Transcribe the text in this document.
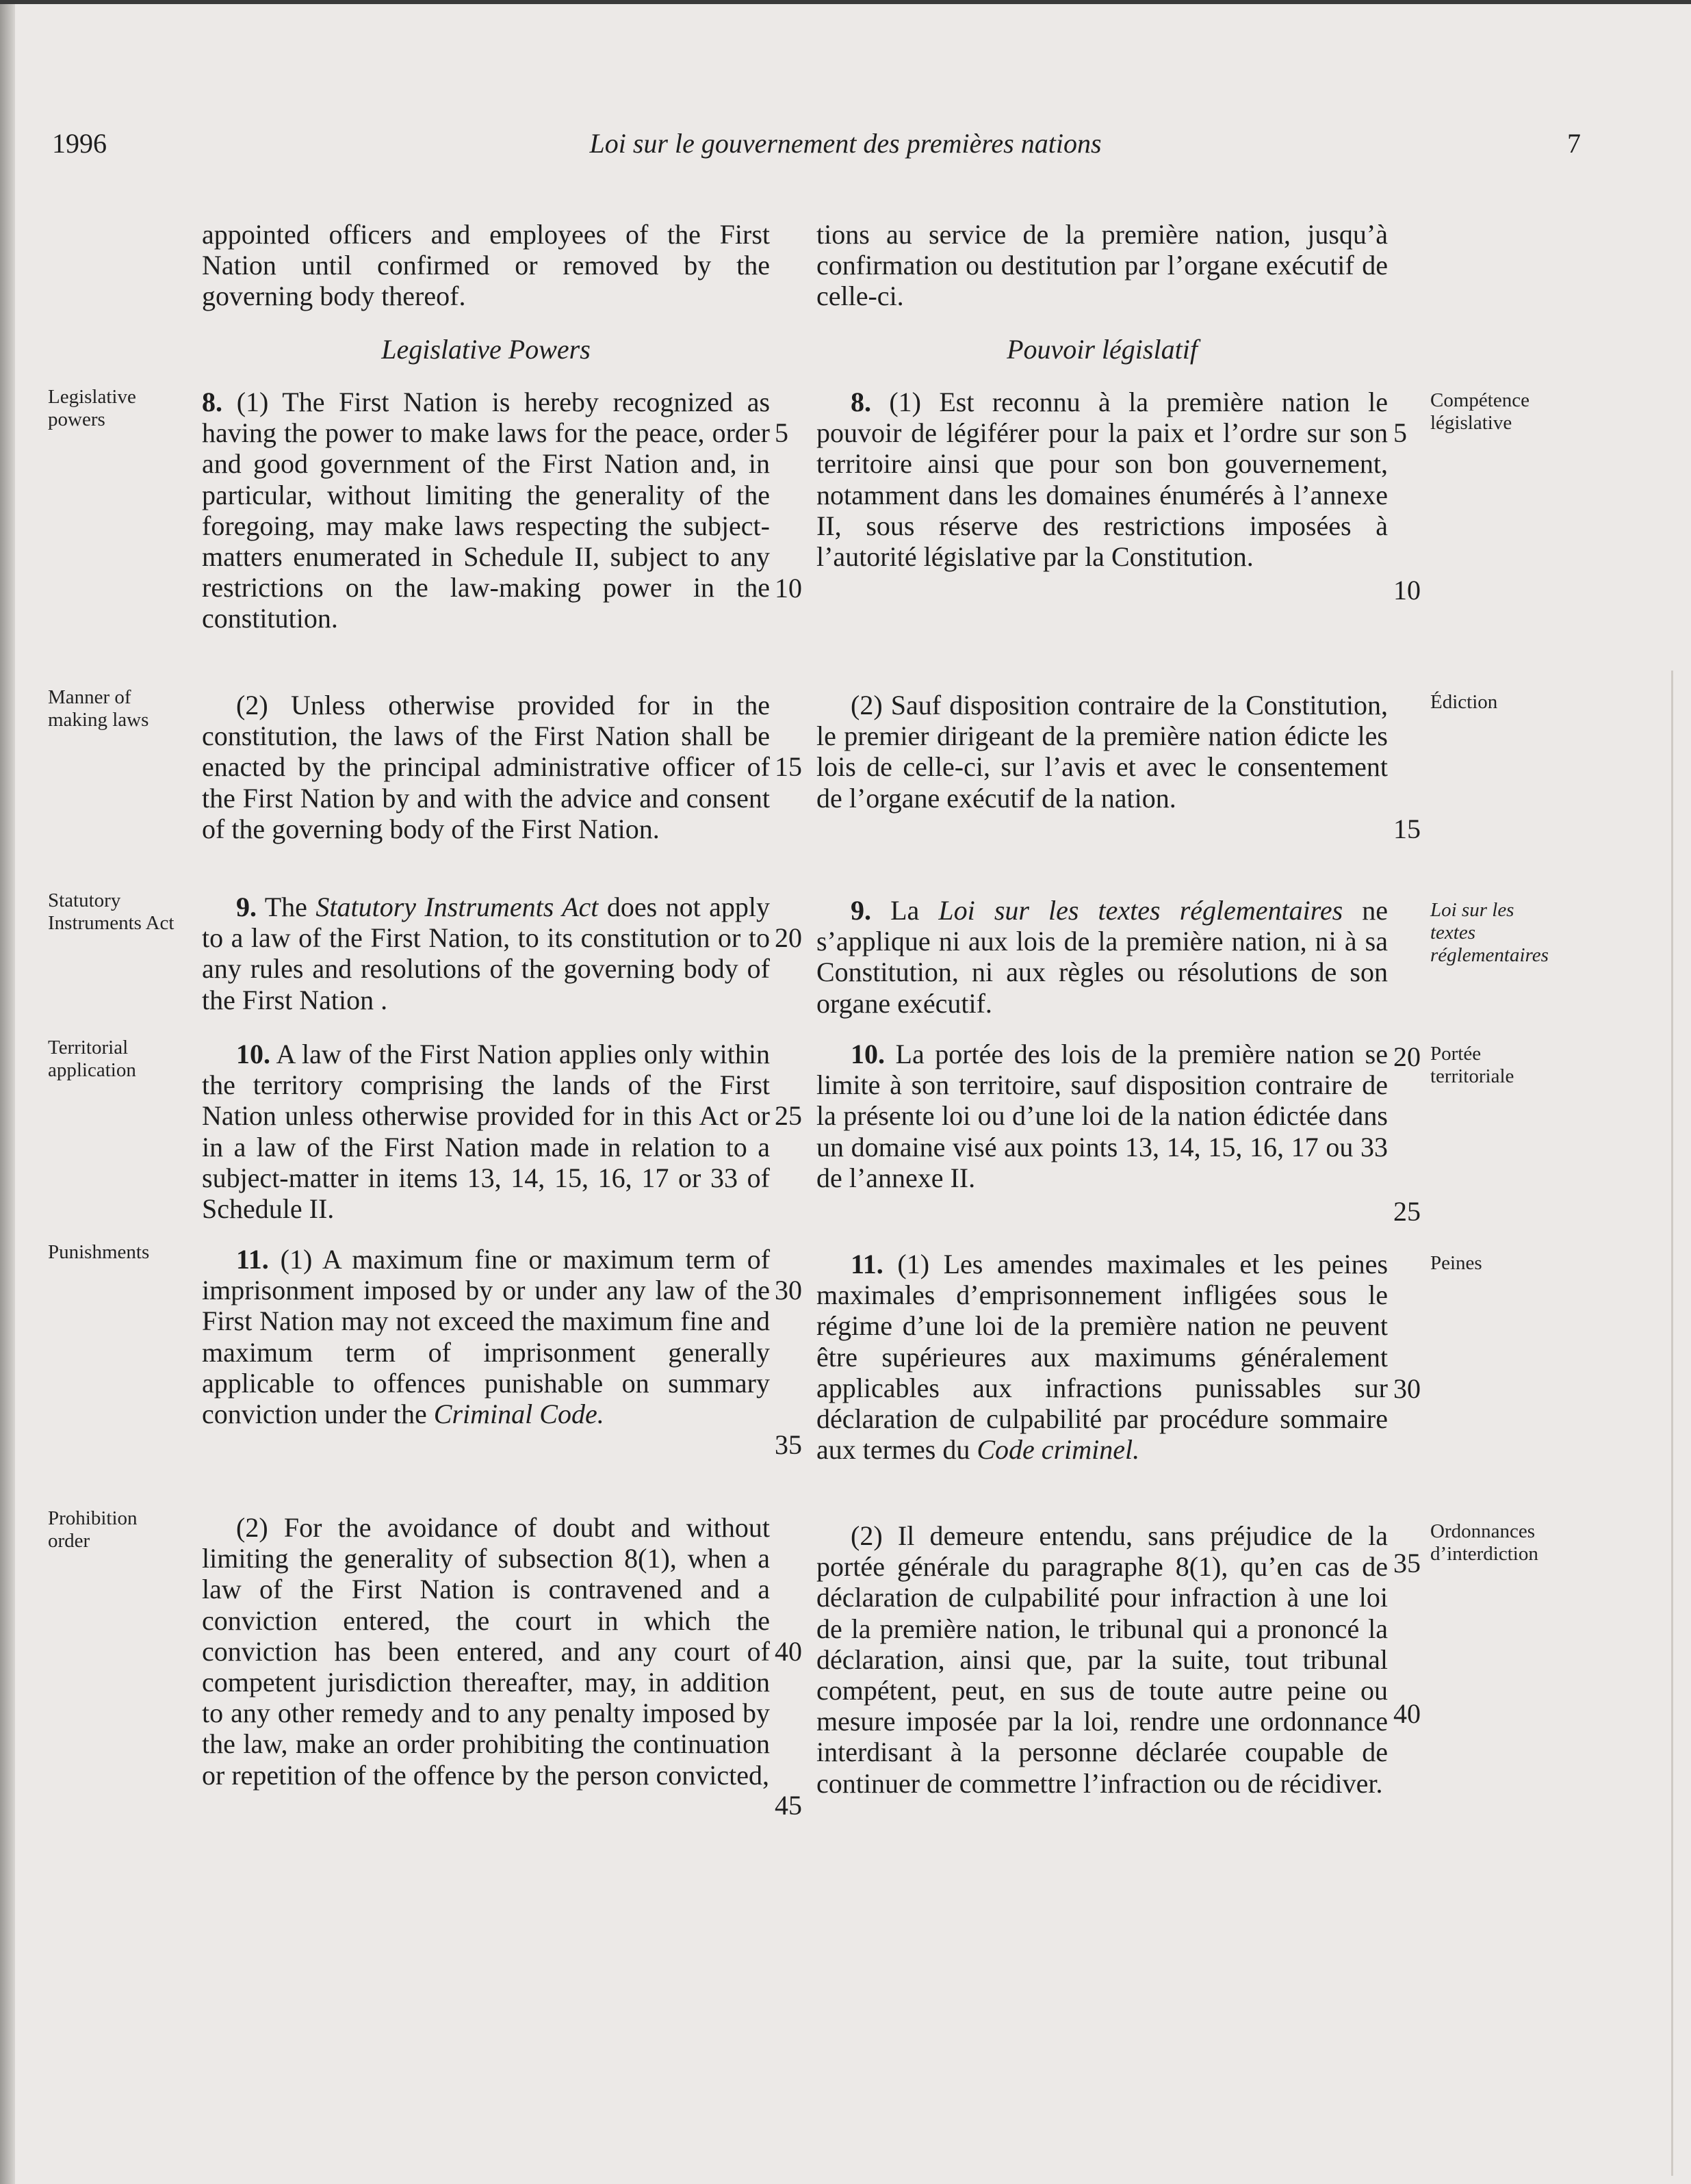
1996	Loi sur le gouvernement des premières nations	7

appointed officers and employees of the First Nation until confirmed or removed by the governing body thereof.

tions au service de la première nation, jusqu’à confirmation ou destitution par l’organe exécutif de celle-ci.

Legislative Powers	Pouvoir législatif
Legislative powers

8. (1) The First Nation is hereby recognized as having the power to make laws for the peace, order and good government of the First Nation and, in particular, without limiting the generality of the foregoing, may make laws respecting the subject-matters enumerated in Schedule II, subject to any restrictions on the law-making power in the constitution.

8. (1) Est reconnu à la première nation le pouvoir de légiférer pour la paix et l’ordre sur son territoire ainsi que pour son bon gouvernement, notamment dans les domaines énumérés à l’annexe II, sous réserve des restrictions imposées à l’autorité législative par la Constitution.

Compétence législative
Manner of making laws	(2) Unless otherwise provided for in the constitution, the laws of the First Nation shall be enacted by the principal administrative officer of the First Nation by and with the advice and consent of the governing body of the First Nation.

(2) Sauf disposition contraire de la Constitution, le premier dirigeant de la première nation édicte les lois de celle-ci, sur l’avis et avec le consentement de l’organe exécutif de la nation.

Édiction
Statutory Instruments Act

9. The Statutory Instruments Act does not apply to a law of the First Nation, to its constitution or to any rules and resolutions of the governing body of the First Nation .

9. La Loi sur les textes réglementaires ne s’applique ni aux lois de la première nation, ni à sa Constitution, ni aux règles ou résolutions de son organe exécutif.

Loi sur les textes réglementaires
Territorial application

10. A law of the First Nation applies only within the territory comprising the lands of the First Nation unless otherwise provided for in this Act or in a law of the First Nation made in relation to a subject-matter in items 13, 14, 15, 16, 17 or 33 of Schedule II.

10. La portée des lois de la première nation se limite à son territoire, sauf disposition contraire de la présente loi ou d’une loi de la nation édictée dans un domaine visé aux points 13, 14, 15, 16, 17 ou 33 de l’annexe II.

Portée territoriale
Punishments	11. (1) A maximum fine or maximum term of imprisonment imposed by or under any law of the First Nation may not exceed the maximum fine and maximum term of imprisonment generally applicable to offences punishable on summary conviction under the Criminal Code.

11. (1) Les amendes maximales et les peines maximales d’emprisonnement infligées sous le régime d’une loi de la première nation ne peuvent être supérieures aux maximums généralement applicables aux infractions punissables sur déclaration de culpabilité par procédure sommaire aux termes du Code criminel.

Peines
Prohibition order	(2) For the avoidance of doubt and without limiting the generality of subsection 8(1), when a law of the First Nation is contravened and a conviction entered, the court in which the conviction has been entered, and any court of competent jurisdiction thereafter, may, in addition to any other remedy and to any penalty imposed by the law, make an order prohibiting the continuation or repetition of the offence by the person convicted,

(2) Il demeure entendu, sans préjudice de la portée générale du paragraphe 8(1), qu’en cas de déclaration de culpabilité pour infraction à une loi de la première nation, le tribunal qui a prononcé la déclaration, ainsi que, par la suite, tout tribunal compétent, peut, en sus de toute autre peine ou mesure imposée par la loi, rendre une ordonnance interdisant à la personne déclarée coupable de continuer de commettre l’infraction ou de récidiver.

Ordonnances d’interdiction
5
10
15
20
25
30
35
40
45
5
10
15
20
25
30
35
40
